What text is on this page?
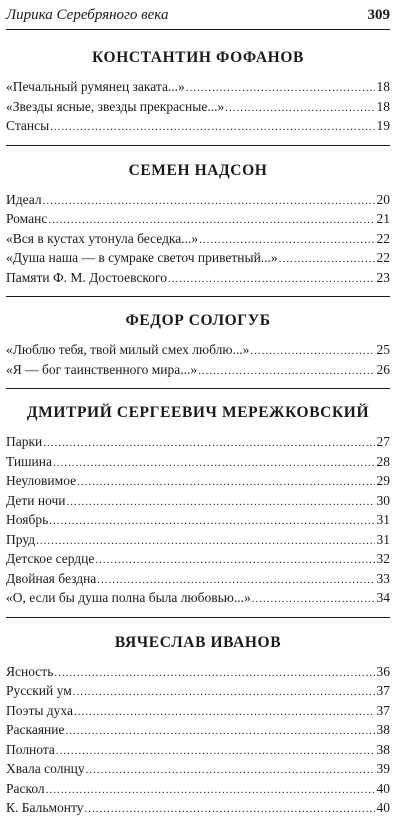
Лирика Серебряного века	309
КОНСТАНТИН ФОФАНОВ
«Печальный румянец заката...» .....	18
«Звезды ясные, звезды прекрасные...» .....	18
Стансы .....	19
СЕМЕН НАДСОН
Идеал .....	20
Романс .....	21
«Вся в кустах утонула беседка...» .....	22
«Душа наша — в сумраке светоч приветный...» .....	22
Памяти Ф. М. Достоевского .....	23
ФЕДОР СОЛОГУБ
«Люблю тебя, твой милый смех люблю...» .....	25
«Я — бог таинственного мира...» .....	26
ДМИТРИЙ СЕРГЕЕВИЧ МЕРЕЖКОВСКИЙ
Парки .....	27
Тишина .....	28
Неуловимое .....	29
Дети ночи .....	30
Ноябрь .....	31
Пруд .....	31
Детское сердце .....	32
Двойная бездна .....	33
«О, если бы душа полна была любовью...» .....	34
ВЯЧЕСЛАВ ИВАНОВ
Ясность .....	36
Русский ум .....	37
Поэты духа .....	37
Раскаяние .....	38
Полнота .....	38
Хвала солнцу .....	39
Раскол .....	40
К. Бальмонту .....	40
